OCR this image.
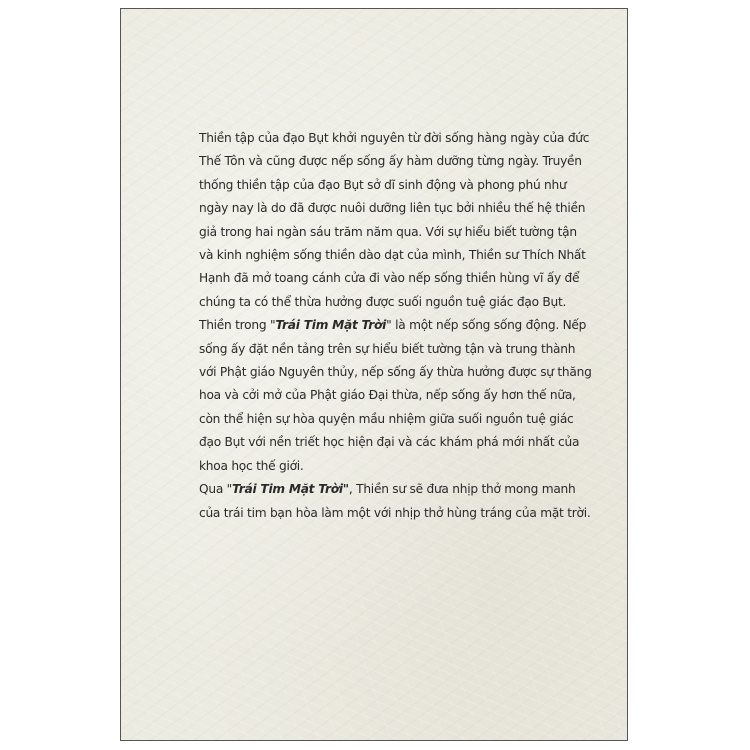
Thiền tập của đạo Bụt khởi nguyên từ đời sống hàng ngày của đức Thế Tôn và cũng được nếp sống ấy hàm dưỡng từng ngày. Truyền thống thiền tập của đạo Bụt sở dĩ sinh động và phong phú như ngày nay là do đã được nuôi dưỡng liên tục bởi nhiều thế hệ thiền giả trong hai ngàn sáu trăm năm qua. Với sự hiểu biết tường tận và kinh nghiệm sống thiền dào dạt của mình, Thiền sư Thích Nhất Hạnh đã mở toang cánh cửa đi vào nếp sống thiền hùng vĩ ấy để chúng ta có thể thừa hưởng được suối nguồn tuệ giác đạo Bụt.

Thiền trong "Trái Tim Mặt Trời" là một nếp sống sống động. Nếp sống ấy đặt nền tảng trên sự hiểu biết tường tận và trung thành với Phật giáo Nguyên thủy, nếp sống ấy thừa hưởng được sự thăng hoa và cởi mở của Phật giáo Đại thừa, nếp sống ấy hơn thế nữa, còn thể hiện sự hòa quyện mầu nhiệm giữa suối nguồn tuệ giác đạo Bụt với nền triết học hiện đại và các khám phá mới nhất của khoa học thế giới.

Qua "Trái Tim Mặt Trời", Thiền sư sẽ đưa nhịp thở mong manh của trái tim bạn hòa làm một với nhịp thở hùng tráng của mặt trời.
